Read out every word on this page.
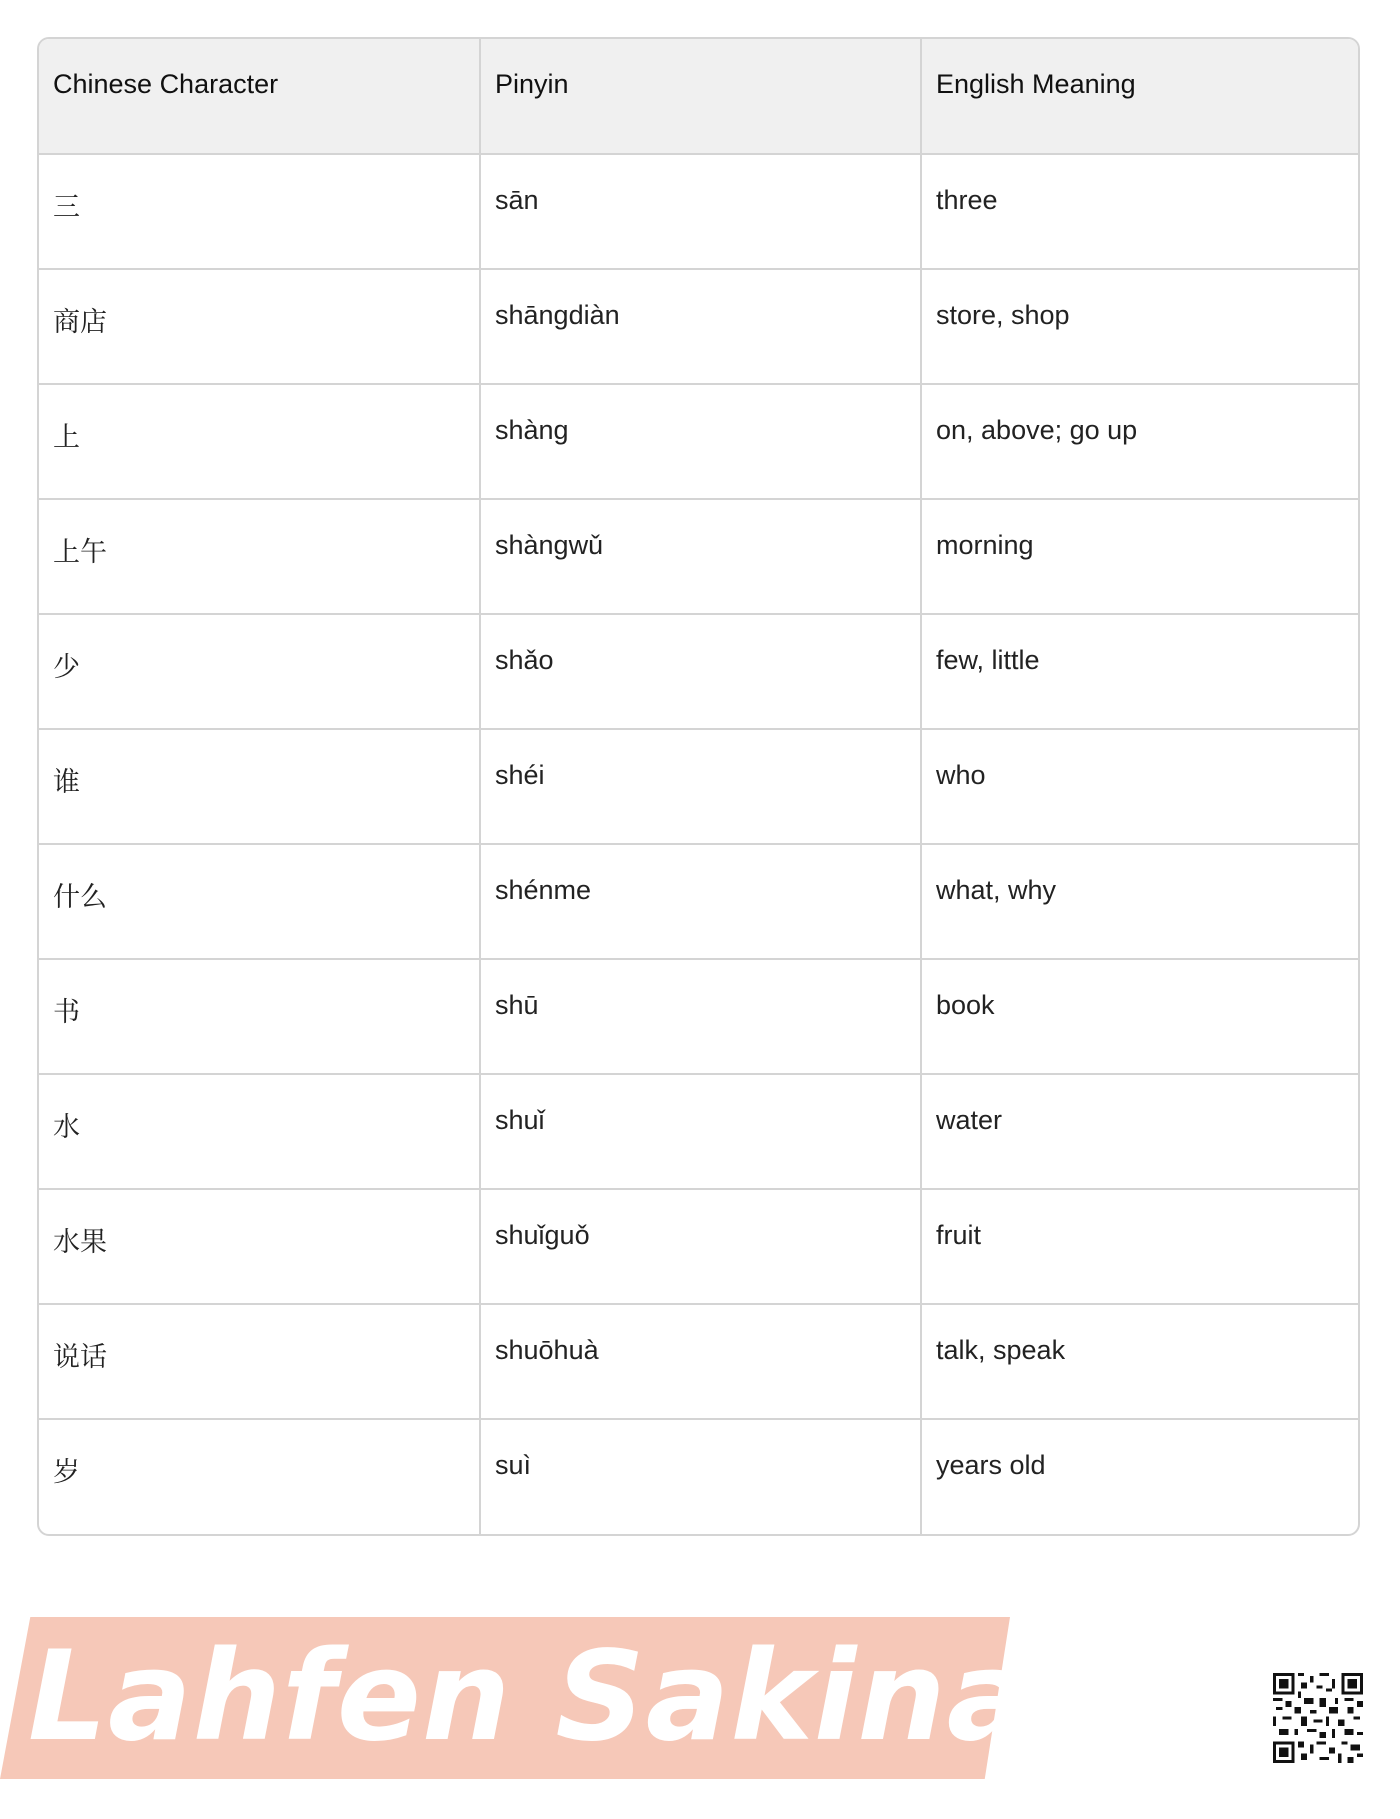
Chinese Character	Pinyin	English Meaning
三	sān	three
商店	shāngdiàn	store, shop
上	shàng	on, above; go up
上午	shàngwǔ	morning
少	shǎo	few, little
谁	shéi	who
什么	shénme	what, why
书	shū	book
水	shuǐ	water
水果	shuǐguǒ	fruit
说话	shuōhuà	talk, speak
岁	suì	years old
Lahfen Sakina
